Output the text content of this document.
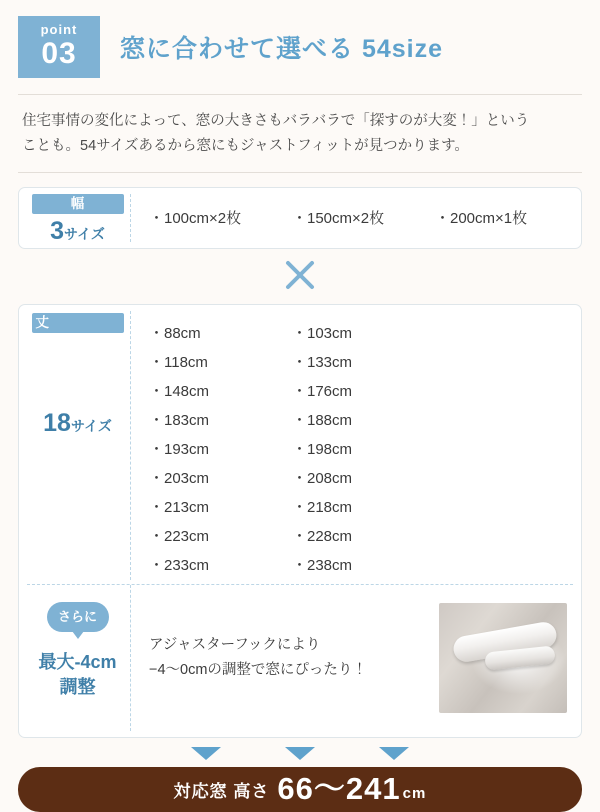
point
03	窓に合わせて選べる 54size
住宅事情の変化によって、窓の大きさもバラバラで「探すのが大変！」という
ことも。54サイズあるから窓にもジャストフィットが見つかります。
幅
3サイズ
・100cm×2枚	・150cm×2枚	・200cm×1枚
丈
18サイズ
・88cm	・103cm
・118cm	・133cm
・148cm	・176cm
・183cm	・188cm
・193cm	・198cm
・203cm	・208cm
・213cm	・218cm
・223cm	・228cm
・233cm	・238cm
さらに
最大-4cm
調整
アジャスターフックにより
−4〜0cmの調整で窓にぴったり！
対応窓 高さ 66〜241 cm
